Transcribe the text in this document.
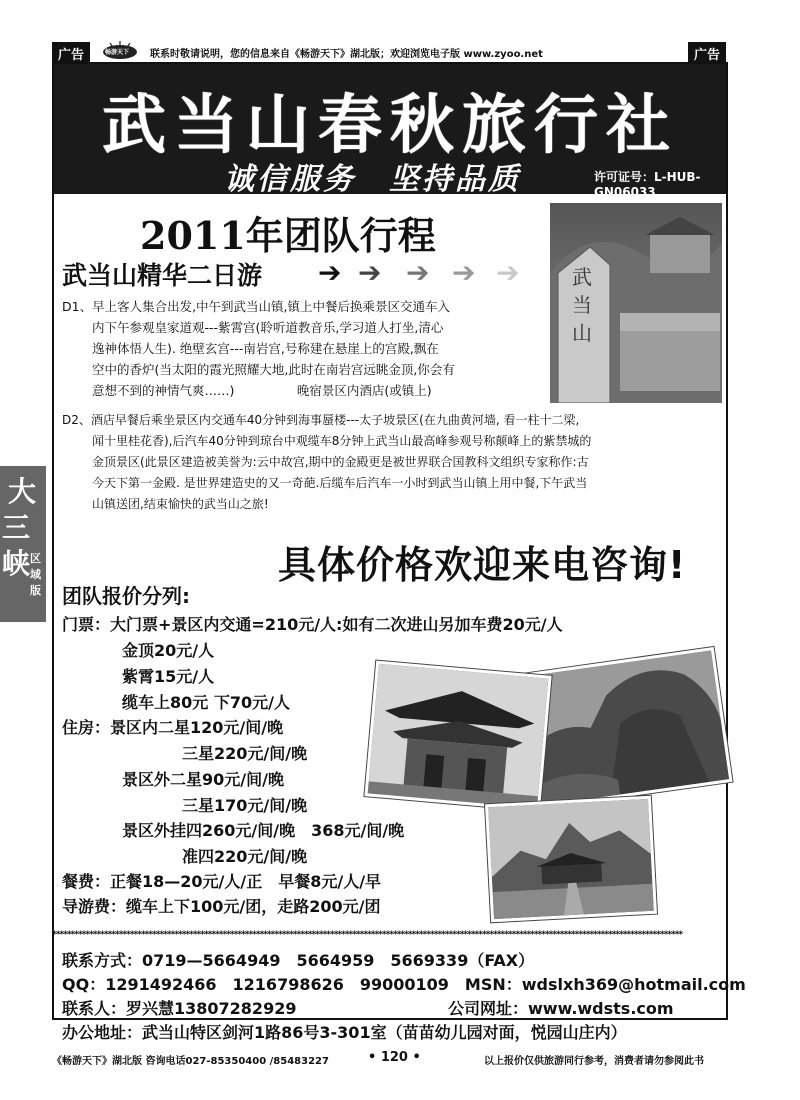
广告	畅游天下 联系时敬请说明，您的信息来自《畅游天下》湖北版；欢迎浏览电子版 www.zyoo.net	广告
武当山春秋旅行社
诚信服务　坚持品质	许可证号：L-HUB-GN06033
2011年团队行程
武当山精华二日游 ➔ ➔ ➔ ➔ ➔	武
当
山
D1、早上客人集合出发,中午到武当山镇,镇上中餐后换乘景区交通车入
内下午参观皇家道观---紫霄宫(聆听道教音乐,学习道人打坐,清心
逸神体悟人生). 绝壁玄宫---南岩宫,号称建在悬崖上的宫殿,飘在
空中的香炉(当太阳的霞光照耀大地,此时在南岩宫远眺金顶,你会有
意想不到的神情气爽……)　　　　　晚宿景区内酒店(或镇上)
D2、酒店早餐后乘坐景区内交通车40分钟到海事蜃楼---太子坡景区(在九曲黄河墙, 看一柱十二梁,
闻十里桂花香),后汽车40分钟到琼台中观缆车8分钟上武当山最高峰参观号称颠峰上的紫禁城的
金顶景区(此景区建造被美誉为:云中故宫,期中的金殿更是被世界联合国教科文组织专家称作:古
今天下第一金殿. 是世界建造史的又一奇葩.后缆车后汽车一小时到武当山镇上用中餐,下午武当
山镇送团,结束愉快的武当山之旅!
大
三
峡 区
域
版
具体价格欢迎来电咨询!
团队报价分列:
门票：大门票+景区内交通=210元/人:如有二次进山另加车费20元/人
金顶20元/人
紫霄15元/人
缆车上80元 下70元/人
住房：景区内二星120元/间/晚
三星220元/间/晚
景区外二星90元/间/晚
三星170元/间/晚
景区外挂四260元/间/晚　368元/间/晚
准四220元/间/晚
餐费：正餐18—20元/人/正　早餐8元/人/早
导游费：缆车上下100元/团，走路200元/团
**************************************************************************************************************************************************************************
联系方式：0719—5664949　5664959　5669339（FAX）
QQ：1291492466　1216798626　99000109　MSN：wdslxh369@hotmail.com
联系人：罗兴慧13807282929	公司网址：www.wdsts.com
办公地址：武当山特区剑河1路86号3-301室（苗苗幼儿园对面，悦园山庄内）
《畅游天下》湖北版 咨询电话027-85350400 /85483227	• 120 •	以上报价仅供旅游同行参考，消费者请勿参阅此书
